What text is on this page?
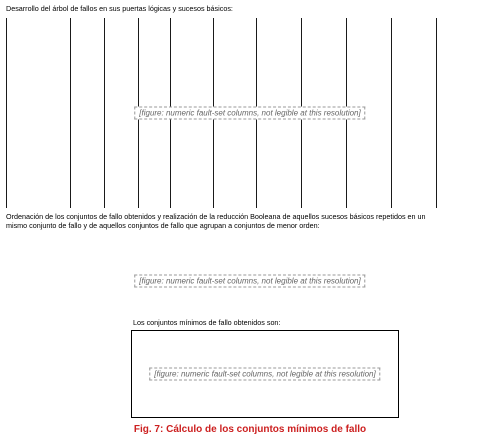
Desarrollo del árbol de fallos en sus puertas lógicas y sucesos básicos:

[figure: numeric fault-set columns, not legible at this resolution]

Ordenación de los conjuntos de fallo obtenidos y realización de la reducción Booleana de aquellos sucesos básicos repetidos en un mismo conjunto de fallo y de aquellos conjuntos de fallo que agrupan a conjuntos de menor orden:

[figure: numeric fault-set columns, not legible at this resolution]

Los conjuntos mínimos de fallo obtenidos son:

[figure: numeric fault-set columns, not legible at this resolution]

Fig. 7: Cálculo de los conjuntos mínimos de fallo
